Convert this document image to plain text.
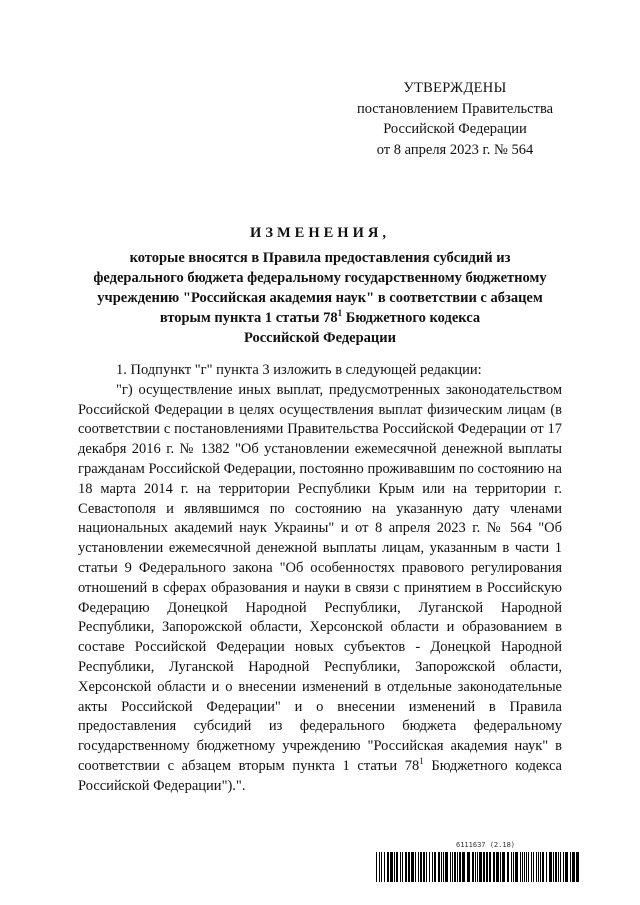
УТВЕРЖДЕНЫ
постановлением Правительства
Российской Федерации
от 8 апреля 2023 г. № 564
ИЗМЕНЕНИЯ,

которые вносятся в Правила предоставления субсидий из

федерального бюджета федеральному государственному бюджетному

учреждению "Российская академия наук" в соответствии с абзацем

вторым пункта 1 статьи $78^1$ Бюджетного кодекса

Российской Федерации

1. Подпункт "г" пункта 3 изложить в следующей редакции:

"г) осуществление иных выплат, предусмотренных законодательством Российской Федерации в целях осуществления выплат физическим лицам (в соответствии с постановлениями Правительства Российской Федерации от 17 декабря 2016 г. № 1382 "Об установлении ежемесячной денежной выплаты гражданам Российской Федерации, постоянно проживавшим по состоянию на 18 марта 2014 г. на территории Республики Крым или на территории г. Севастополя и являвшимся по состоянию на указанную дату членами национальных академий наук Украины" и от 8 апреля 2023 г. № 564 "Об установлении ежемесячной денежной выплаты лицам, указанным в части 1 статьи 9 Федерального закона "Об особенностях правового регулирования отношений в сферах образования и науки в связи с принятием в Российскую Федерацию Донецкой Народной Республики, Луганской Народной Республики, Запорожской области, Херсонской области и образованием в составе Российской Федерации новых субъектов - Донецкой Народной Республики, Луганской Народной Республики, Запорожской области, Херсонской области и о внесении изменений в отдельные законодательные акты Российской Федерации" и о внесении изменений в Правила предоставления субсидий из федерального бюджета федеральному государственному бюджетному учреждению "Российская академия наук" в соответствии с абзацем вторым пункта 1 статьи $78^1$ Бюджетного кодекса Российской Федерации").".

6111637 (2.18)
